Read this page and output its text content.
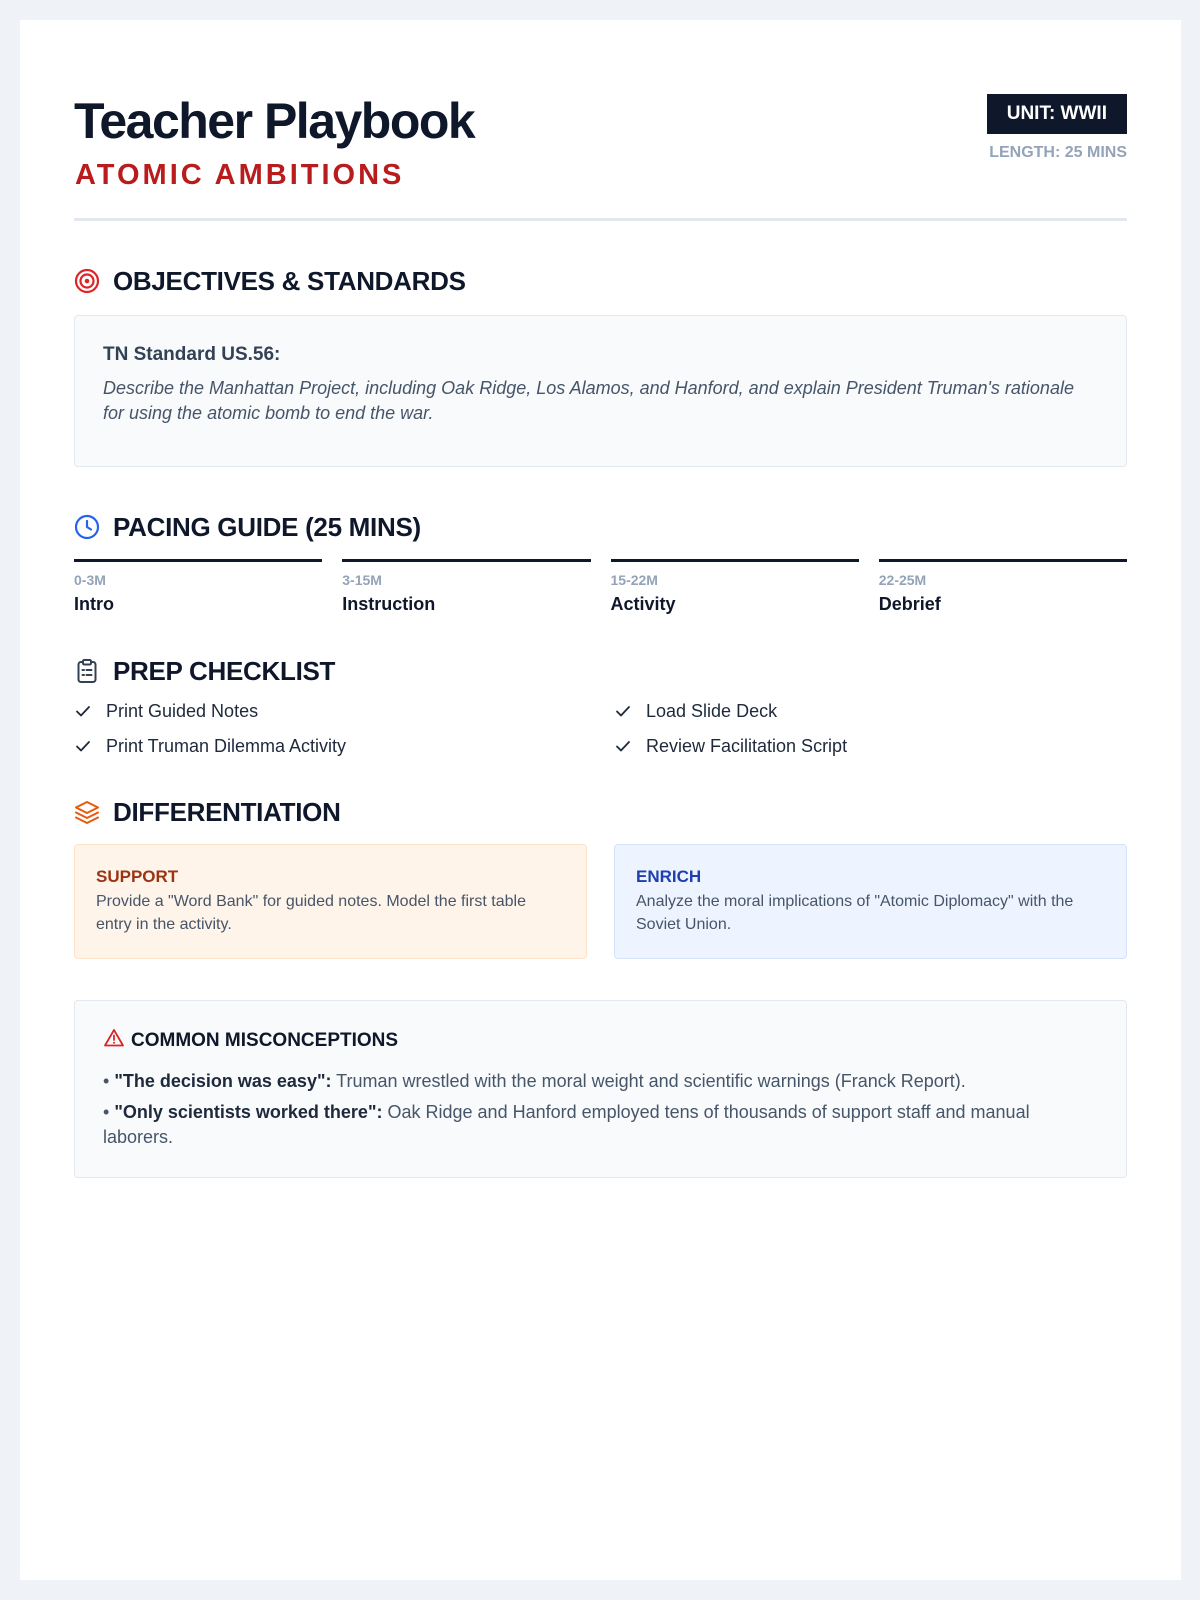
Teacher Playbook
ATOMIC AMBITIONS
UNIT: WWII
LENGTH: 25 MINS
OBJECTIVES & STANDARDS
TN Standard US.56:
Describe the Manhattan Project, including Oak Ridge, Los Alamos, and Hanford, and explain President Truman's rationale for using the atomic bomb to end the war.
PACING GUIDE (25 MINS)
0-3M
Intro
3-15M
Instruction
15-22M
Activity
22-25M
Debrief
PREP CHECKLIST
Print Guided Notes	Load Slide Deck
Print Truman Dilemma Activity	Review Facilitation Script
DIFFERENTIATION
SUPPORT
Provide a "Word Bank" for guided notes. Model the first table entry in the activity.
ENRICH
Analyze the moral implications of "Atomic Diplomacy" with the Soviet Union.
COMMON MISCONCEPTIONS
• "The decision was easy": Truman wrestled with the moral weight and scientific warnings (Franck Report).
• "Only scientists worked there": Oak Ridge and Hanford employed tens of thousands of support staff and manual laborers.
